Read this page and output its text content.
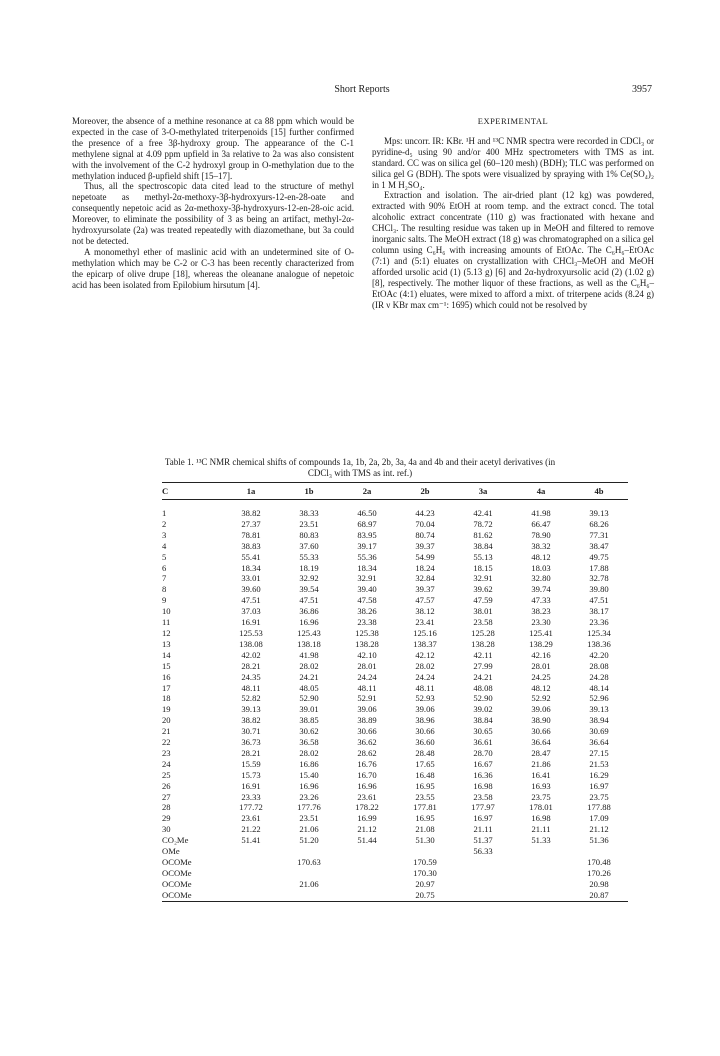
Short Reports	3957

Moreover, the absence of a methine resonance at ca 88 ppm which would be expected in the case of 3-O-methylated triterpenoids [15] further confirmed the presence of a free 3β-hydroxy group. The appearance of the C-1 methylene signal at 4.09 ppm upfield in 3a relative to 2a was also consistent with the involvement of the C-2 hydroxyl group in O-methylation due to the methylation induced β-upfield shift [15–17].

Thus, all the spectroscopic data cited lead to the structure of methyl nepetoate as methyl-2α-methoxy-3β-hydroxyurs-12-en-28-oate and consequently nepetoic acid as 2α-methoxy-3β-hydroxyurs-12-en-28-oic acid. Moreover, to eliminate the possibility of 3 as being an artifact, methyl-2α-hydroxyursolate (2a) was treated repeatedly with diazomethane, but 3a could not be detected.

A monomethyl ether of maslinic acid with an undetermined site of O-methylation which may be C-2 or C-3 has been recently characterized from the epicarp of olive drupe [18], whereas the oleanane analogue of nepetoic acid has been isolated from Epilobium hirsutum [4].

EXPERIMENTAL

Mps: uncorr. IR: KBr. ¹H and ¹³C NMR spectra were recorded in CDCl₃ or pyridine-d₅ using 90 and/or 400 MHz spectrometers with TMS as int. standard. CC was on silica gel (60–120 mesh) (BDH); TLC was performed on silica gel G (BDH). The spots were visualized by spraying with 1% Ce(SO₄)₂ in 1 M H₂SO₄.

Extraction and isolation. The air-dried plant (12 kg) was powdered, extracted with 90% EtOH at room temp. and the extract concd. The total alcoholic extract concentrate (110 g) was fractionated with hexane and CHCl₃. The resulting residue was taken up in MeOH and filtered to remove inorganic salts. The MeOH extract (18 g) was chromatographed on a silica gel column using C₆H₆ with increasing amounts of EtOAc. The C₆H₆–EtOAc (7:1) and (5:1) eluates on crystallization with CHCl₃–MeOH and MeOH afforded ursolic acid (1) (5.13 g) [6] and 2α-hydroxyursolic acid (2) (1.02 g) [8], respectively. The mother liquor of these fractions, as well as the C₆H₆–EtOAc (4:1) eluates, were mixed to afford a mixt. of triterpene acids (8.24 g) (IR ν KBr max cm⁻¹: 1695) which could not be resolved by

Table 1. ¹³C NMR chemical shifts of compounds 1a, 1b, 2a, 2b, 3a, 4a and 4b and their acetyl derivatives (in CDCl₃ with TMS as int. ref.)
C	1a	1b	2a	2b	3a	4a	4b

1	38.82	38.33	46.50	44.23	42.41	41.98	39.13
2	27.37	23.51	68.97	70.04	78.72	66.47	68.26
3	78.81	80.83	83.95	80.74	81.62	78.90	77.31
4	38.83	37.60	39.17	39.37	38.84	38.32	38.47
5	55.41	55.33	55.36	54.99	55.13	48.12	49.75
6	18.34	18.19	18.34	18.24	18.15	18.03	17.88
7	33.01	32.92	32.91	32.84	32.91	32.80	32.78
8	39.60	39.54	39.40	39.37	39.62	39.74	39.80
9	47.51	47.51	47.58	47.57	47.59	47.33	47.51
10	37.03	36.86	38.26	38.12	38.01	38.23	38.17
11	16.91	16.96	23.38	23.41	23.58	23.30	23.36
12	125.53	125.43	125.38	125.16	125.28	125.41	125.34
13	138.08	138.18	138.28	138.37	138.28	138.29	138.36
14	42.02	41.98	42.10	42.12	42.11	42.16	42.20
15	28.21	28.02	28.01	28.02	27.99	28.01	28.08
16	24.35	24.21	24.24	24.24	24.21	24.25	24.28
17	48.11	48.05	48.11	48.11	48.08	48.12	48.14
18	52.82	52.90	52.91	52.93	52.90	52.92	52.96
19	39.13	39.01	39.06	39.06	39.02	39.06	39.13
20	38.82	38.85	38.89	38.96	38.84	38.90	38.94
21	30.71	30.62	30.66	30.66	30.65	30.66	30.69
22	36.73	36.58	36.62	36.60	36.61	36.64	36.64
23	28.21	28.02	28.62	28.48	28.70	28.47	27.15
24	15.59	16.86	16.76	17.65	16.67	21.86	21.53
25	15.73	15.40	16.70	16.48	16.36	16.41	16.29
26	16.91	16.96	16.96	16.95	16.98	16.93	16.97
27	23.33	23.26	23.61	23.55	23.58	23.75	23.75
28	177.72	177.76	178.22	177.81	177.97	178.01	177.88
29	23.61	23.51	16.99	16.95	16.97	16.98	17.09
30	21.22	21.06	21.12	21.08	21.11	21.11	21.12
CO₂Me	51.41	51.20	51.44	51.30	51.37	51.33	51.36
OMe					56.33		
OCOMe		170.63		170.59			170.48
OCOMe				170.30			170.26
OCOMe		21.06		20.97			20.98
OCOMe				20.75			20.87
